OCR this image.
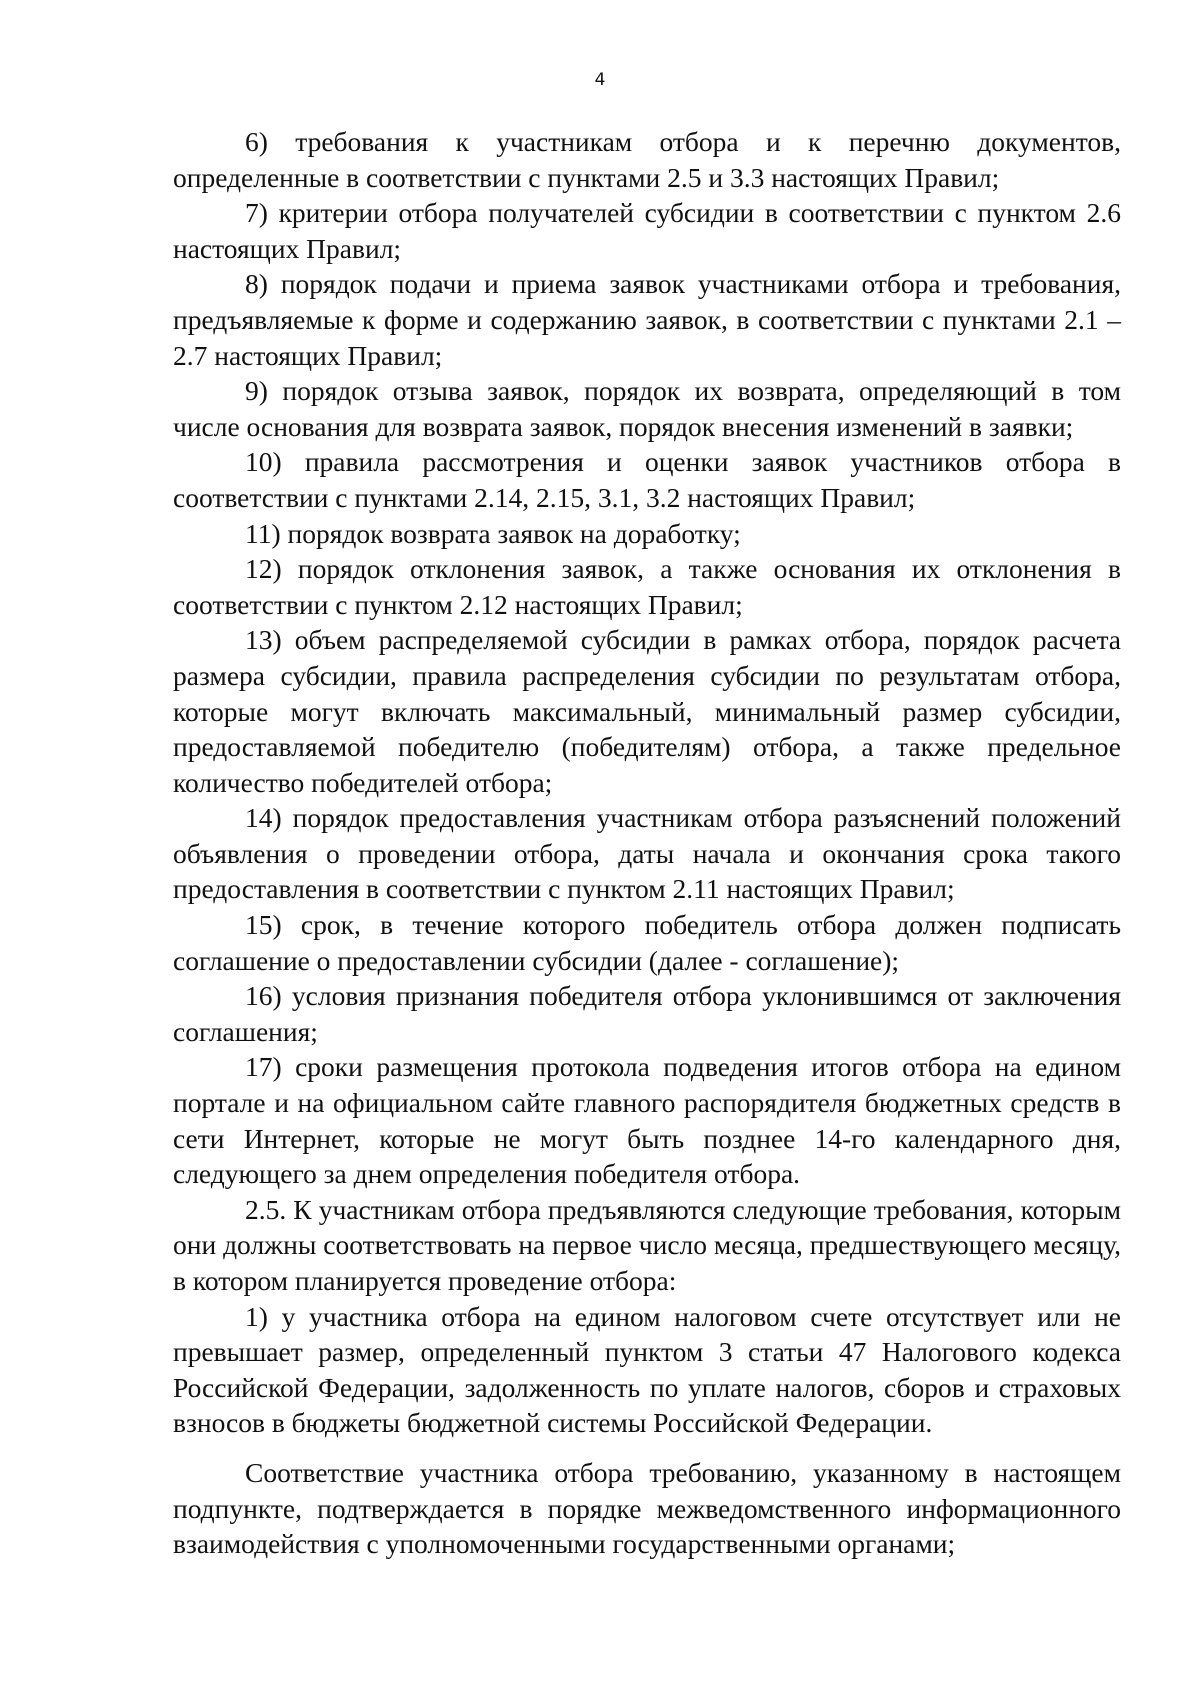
4

6) требования к участникам отбора и к перечню документов, определенные в соответствии с пунктами 2.5 и 3.3 настоящих Правил;

7) критерии отбора получателей субсидии в соответствии с пунктом 2.6 настоящих Правил;

8) порядок подачи и приема заявок участниками отбора и требования, предъявляемые к форме и содержанию заявок, в соответствии с пунктами 2.1 – 2.7 настоящих Правил;

9) порядок отзыва заявок, порядок их возврата, определяющий в том числе основания для возврата заявок, порядок внесения изменений в заявки;

10) правила рассмотрения и оценки заявок участников отбора в соответствии с пунктами 2.14, 2.15, 3.1, 3.2 настоящих Правил;

11) порядок возврата заявок на доработку;

12) порядок отклонения заявок, а также основания их отклонения в соответствии с пунктом 2.12 настоящих Правил;

13) объем распределяемой субсидии в рамках отбора, порядок расчета размера субсидии, правила распределения субсидии по результатам отбора, которые могут включать максимальный, минимальный размер субсидии, предоставляемой победителю (победителям) отбора, а также предельное количество победителей отбора;

14) порядок предоставления участникам отбора разъяснений положений объявления о проведении отбора, даты начала и окончания срока такого предоставления в соответствии с пунктом 2.11 настоящих Правил;

15) срок, в течение которого победитель отбора должен подписать соглашение о предоставлении субсидии (далее - соглашение);

16) условия признания победителя отбора уклонившимся от заключения соглашения;

17) сроки размещения протокола подведения итогов отбора на едином портале и на официальном сайте главного распорядителя бюджетных средств в сети Интернет, которые не могут быть позднее 14-го календарного дня, следующего за днем определения победителя отбора.

2.5. К участникам отбора предъявляются следующие требования, которым они должны соответствовать на первое число месяца, предшествующего месяцу, в котором планируется проведение отбора:

1) у участника отбора на едином налоговом счете отсутствует или не превышает размер, определенный пунктом 3 статьи 47 Налогового кодекса Российской Федерации, задолженность по уплате налогов, сборов и страховых взносов в бюджеты бюджетной системы Российской Федерации.

Соответствие участника отбора требованию, указанному в настоящем подпункте, подтверждается в порядке межведомственного информационного взаимодействия с уполномоченными государственными органами;
